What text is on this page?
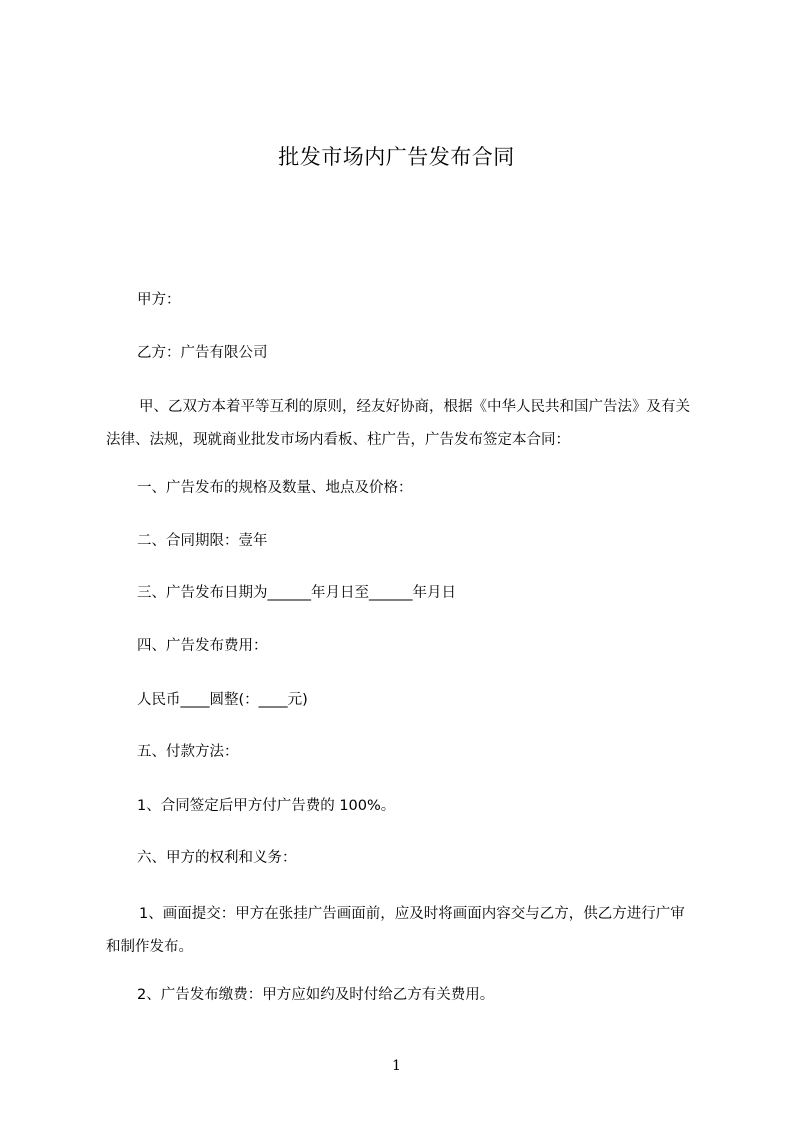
批发市场内广告发布合同
甲方：
乙方：广告有限公司
甲、乙双方本着平等互利的原则，经友好协商，根据《中华人民共和国广告法》及有关法律、法规，现就商业批发市场内看板、柱广告，广告发布签定本合同：
一、广告发布的规格及数量、地点及价格：
二、合同期限：壹年
三、广告发布日期为______年月日至______年月日
四、广告发布费用：
人民币____圆整(：____元)
五、付款方法：
1、合同签定后甲方付广告费的 100%。
六、甲方的权利和义务：
1、画面提交：甲方在张挂广告画面前，应及时将画面内容交与乙方，供乙方进行广审和制作发布。
2、广告发布缴费：甲方应如约及时付给乙方有关费用。
1
